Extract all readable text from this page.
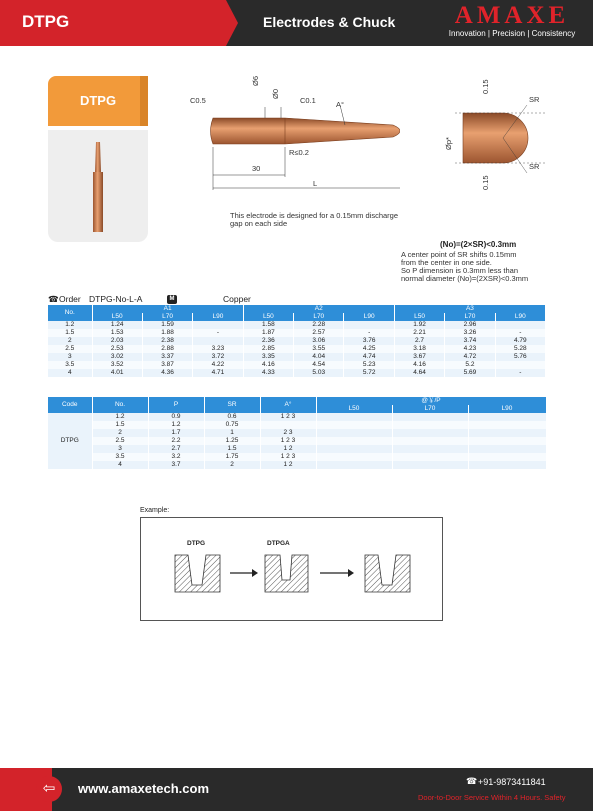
DTPG	Electrodes & Chuck	AMAXE
Innovation | Precision | Consistency
DTPG	C0.5
Ø6
Ø0
C0.1	A°
R≤0.2
30
L
Øp*
SR
SR
0.15
0.15
This electrode is designed for a 0.15mm discharge
gap on each side
(No)=(2×SR)<0.3mm
A center point of SR shifts 0.15mm
from the center in one side.
So P dimension is 0.3mm less than
normal diameter (No)=(2XSR)<0.3mm
☎ Order DTPG-No-L-A	M	Copper
No.	A1			A2			A3		
	L50	L70	L90	L50	L70	L90	L50	L70	L90
1.2	1.24	1.59		1.58	2.28		1.92	2.96	
1.5	1.53	1.88	-	1.87	2.57	-	2.21	3.26	-
2	2.03	2.38		2.36	3.06	3.76	2.7	3.74	4.79
2.5	2.53	2.88	3.23	2.85	3.55	4.25	3.18	4.23	5.28
3	3.02	3.37	3.72	3.35	4.04	4.74	3.67	4.72	5.76
3.5	3.52	3.87	4.22	4.16	4.54	5.23	4.16	5.2	
4	4.01	4.36	4.71	4.33	5.03	5.72	4.64	5.69	-
Code	No.	P	SR	A°	@￥/P		
					L50	L70	L90
DTPG	1.2	0.9	0.6	1 2 3			
	1.5	1.2	0.75				
	2	1.7	1	2 3			
	2.5	2.2	1.25	1 2 3			
	3	2.7	1.5	1 2			
	3.5	3.2	1.75	1 2 3			
	4	3.7	2	1 2			
Example:
DTPG	DTPGA
⇦	www.amaxetech.com	☎ +91-9873411841
Door-to-Door Service Within 4 Hours. Safety
